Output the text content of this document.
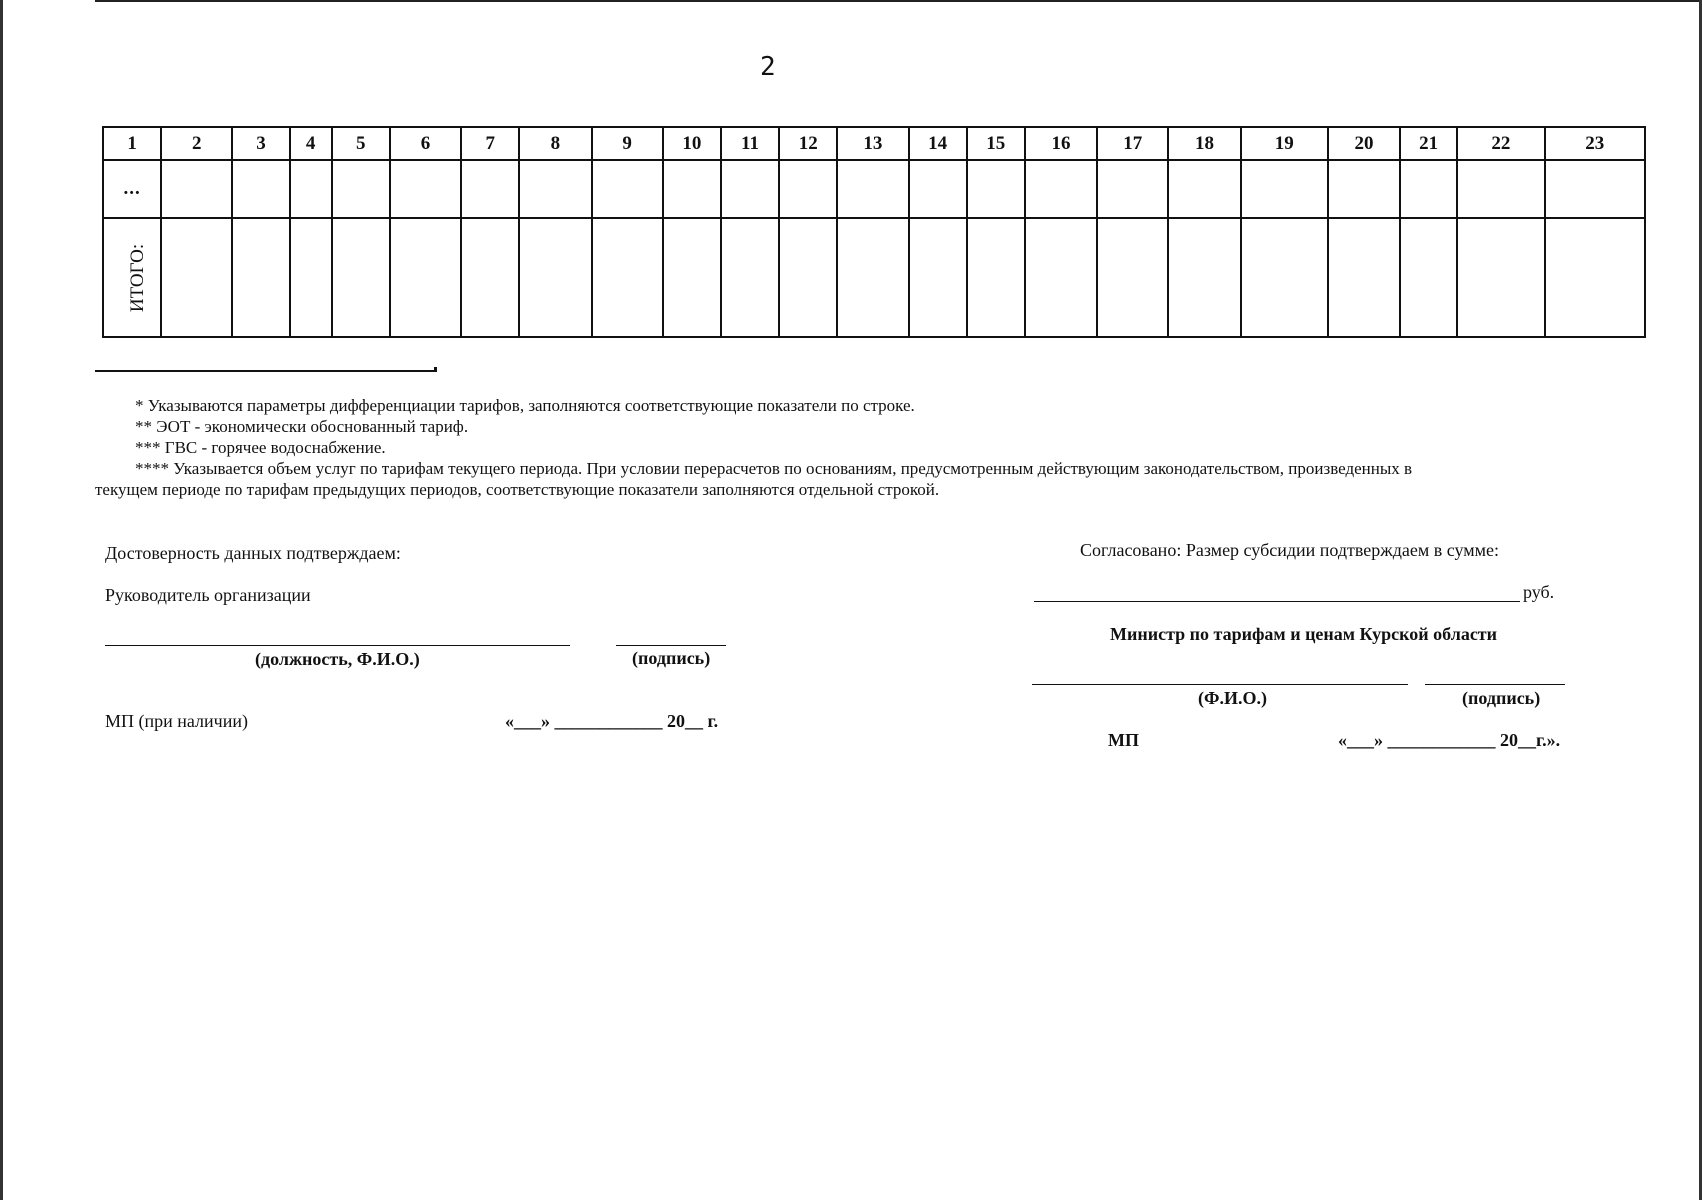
2
1	2	3	4	5	6	7	8	9	10	11	12	13	14	15	16	17	18	19	20	21	22	23
...																						
ИТОГО:																						
* Указываются параметры дифференциации тарифов, заполняются соответствующие показатели по строке.
** ЭОТ - экономически обоснованный тариф.
*** ГВС - горячее водоснабжение.
**** Указывается объем услуг по тарифам текущего периода. При условии перерасчетов по основаниям, предусмотренным действующим законодательством, произведенных в
текущем периоде по тарифам предыдущих периодов, соответствующие показатели заполняются отдельной строкой.
Достоверность данных подтверждаем:
Руководитель организации
(должность, Ф.И.О.)	(подпись)
МП (при наличии)	«___» ____________ 20__ г.
Согласовано: Размер субсидии подтверждаем в сумме:
руб.
Министр по тарифам и ценам Курской области
(Ф.И.О.)	(подпись)
МП	«___» ____________ 20__г.».
